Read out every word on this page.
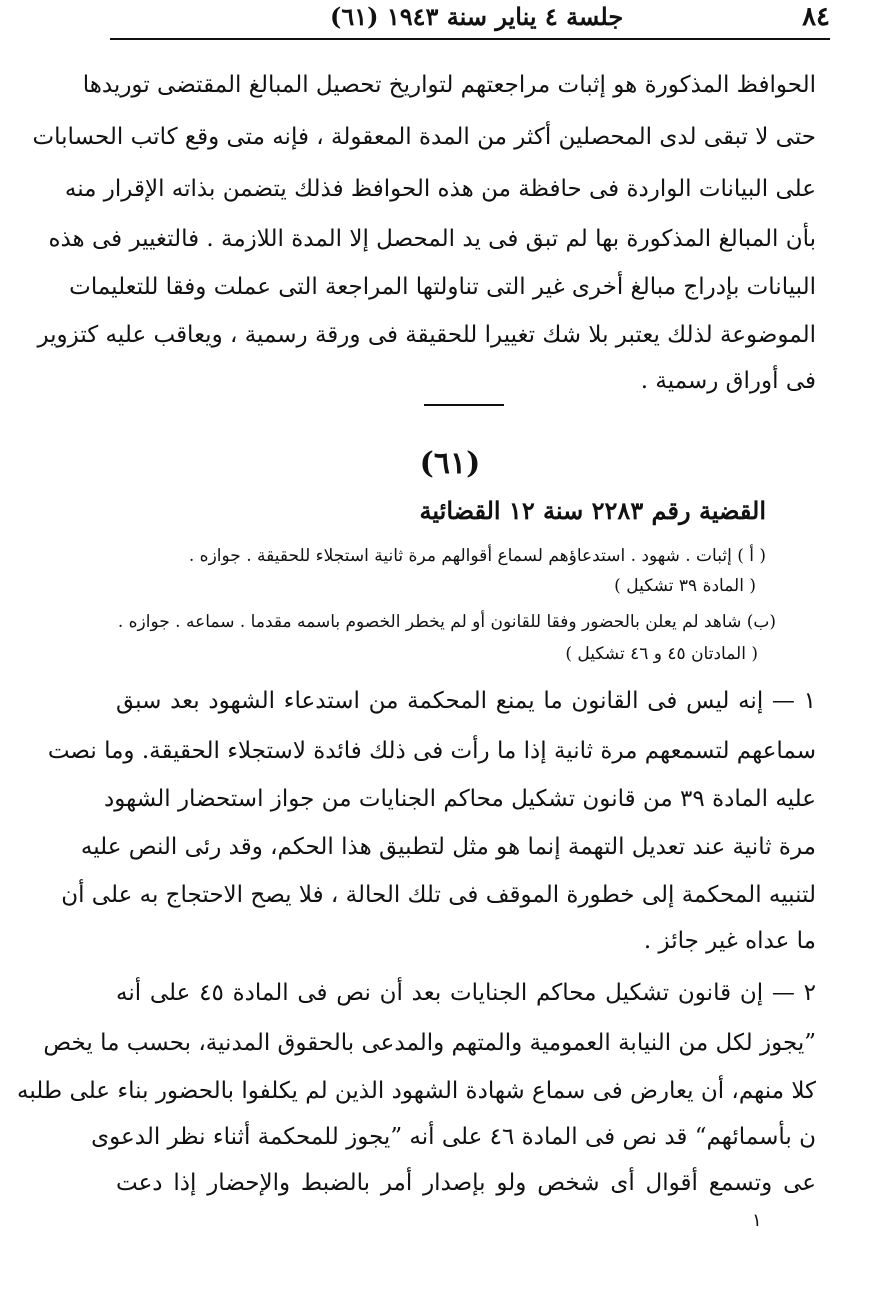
٨٤
جلسة ٤ يناير سنة ١٩٤٣ (٦١)
الحوافظ المذكورة هو إثبات مراجعتهم لتواريخ تحصيل المبالغ المقتضى توريدها
حتى لا تبقى لدى المحصلين أكثر من المدة المعقولة ، فإنه متى وقع كاتب الحسابات
على البيانات الواردة فى حافظة من هذه الحوافظ فذلك يتضمن بذاته الإقرار منه
بأن المبالغ المذكورة بها لم تبق فى يد المحصل إلا المدة اللازمة . فالتغيير فى هذه
البيانات بإدراج مبالغ أخرى غير التى تناولتها المراجعة التى عملت وفقا للتعليمات
الموضوعة لذلك يعتبر بلا شك تغييرا للحقيقة فى ورقة رسمية ، ويعاقب عليه كتزوير
فى أوراق رسمية .
(٦١)
القضية رقم ٢٢٨٣ سنة ١٢ القضائية
( أ ) إثبات . شهود . استدعاؤهم لسماع أقوالهم مرة ثانية استجلاء للحقيقة . جوازه .
( المادة ٣٩ تشكيل )
(ب) شاهد لم يعلن بالحضور وفقا للقانون أو لم يخطر الخصوم باسمه مقدما . سماعه . جوازه .
( المادتان ٤٥ و ٤٦ تشكيل )
١ — إنه ليس فى القانون ما يمنع المحكمة من استدعاء الشهود بعد سبق
سماعهم لتسمعهم مرة ثانية إذا ما رأت فى ذلك فائدة لاستجلاء الحقيقة. وما نصت
عليه المادة ٣٩ من قانون تشكيل محاكم الجنايات من جواز استحضار الشهود
مرة ثانية عند تعديل التهمة إنما هو مثل لتطبيق هذا الحكم، وقد رئى النص عليه
لتنبيه المحكمة إلى خطورة الموقف فى تلك الحالة ، فلا يصح الاحتجاج به على أن
ما عداه غير جائز .
٢ — إن قانون تشكيل محاكم الجنايات بعد أن نص فى المادة ٤٥ على أنه
”يجوز لكل من النيابة العمومية والمتهم والمدعى بالحقوق المدنية، بحسب ما يخص
كلا منهم، أن يعارض فى سماع شهادة الشهود الذين لم يكلفوا بالحضور بناء على طلبه
ن بأسمائهم“ قد نص فى المادة ٤٦ على أنه ”يجوز للمحكمة أثناء نظر الدعوى
عى وتسمع أقوال أى شخص ولو بإصدار أمر بالضبط والإحضار إذا دعت
١
